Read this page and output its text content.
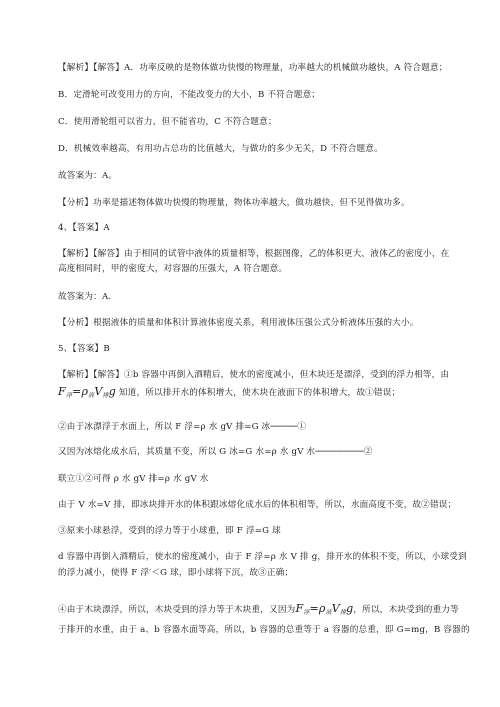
【解析】【解答】A．功率反映的是物体做功快慢的物理量，功率越大的机械做功越快，A 符合题意；
B．定滑轮可改变用力的方向，不能改变力的大小，B 不符合题意；
C．使用滑轮组可以省力，但不能省功，C 不符合题意；
D．机械效率越高，有用功占总功的比值越大，与做功的多少无关，D 不符合题意。
故答案为：A。
【分析】功率是描述物体做功快慢的物理量，物体功率越大，做功越快，但不见得做功多。
4、【答案】A
【解析】【解答】由于相同的试管中液体的质量相等，根据图像，乙的体积更大，液体乙的密度小，在
高度相同时，甲的密度大，对容器的压强大，A 符合题意。
故答案为：A.
【分析】根据液体的质量和体积计算液体密度关系，利用液体压强公式分析液体压强的大小。
5、【答案】B
【解析】【解答】①b 容器中再倒入酒精后，使水的密度减小，但木块还是漂浮，受到的浮力相等，由
$F_浮=\rho_液V_排g$ 知道，所以排开水的体积增大，使木块在液面下的体积增大，故①错误；
②由于冰漂浮于水面上，所以 F 浮=ρ 水 gV 排=G 冰─────①
又因为冰熔化成水后，其质量不变，所以 G 冰=G 水=ρ 水 gV 水─────────②
联立①②可得 ρ 水 gV 排=ρ 水 gV 水
由于 V 水=V 排，即冰块排开水的体积跟冰熔化成水后的体积相等，所以，水面高度不变，故②错误；
③原来小球悬浮，受到的浮力等于小球重，即 F 浮=G 球
d 容器中再倒入酒精后，使水的密度减小，由于 F 浮=ρ 水 V 排 g，排开水的体积不变，所以，小球受到
的浮力减小，使得 F 浮′＜G 球，即小球将下沉，故③正确；
④由于木块漂浮，所以，木块受到的浮力等于木块重，又因为$F_浮=\rho_液V_排g$，所以，木块受到的重力等
于排开的水重，由于 a、b 容器水面等高，所以，b 容器的总重等于 a 容器的总重，即 G=mg，B 容器的
